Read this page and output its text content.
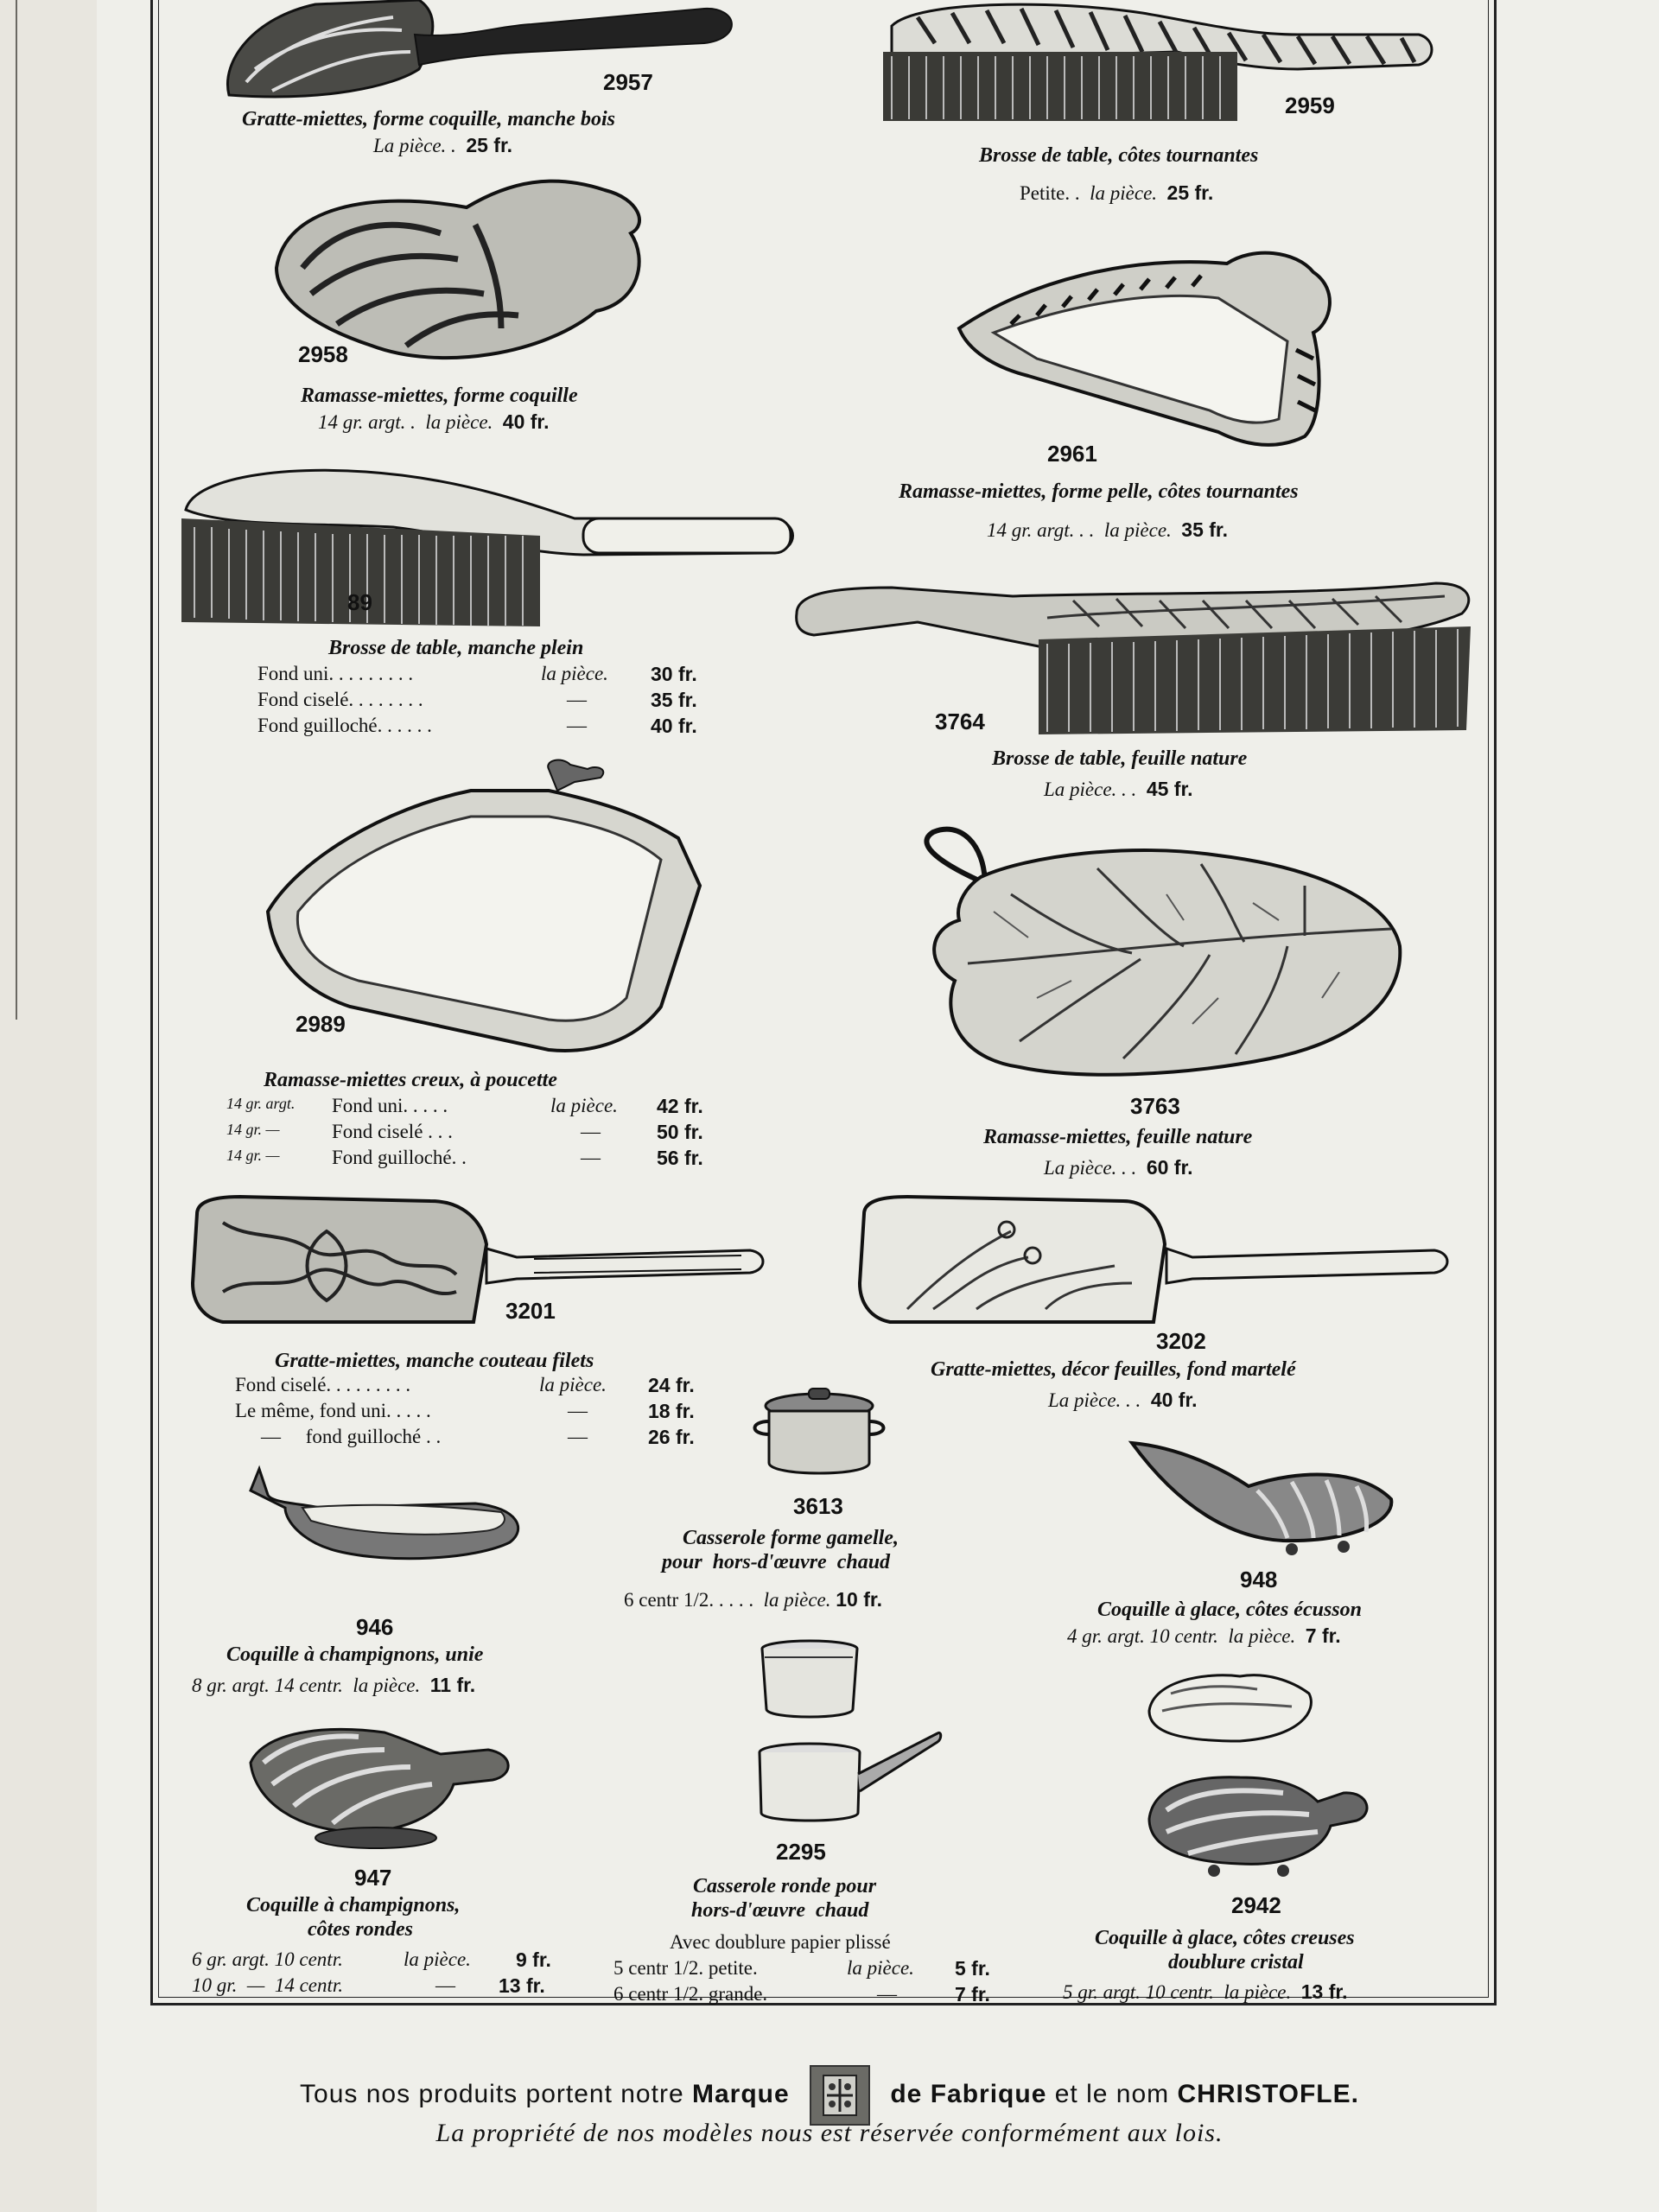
2957
Gratte-miettes, forme coquille, manche bois
La pièce. . 25 fr.
2959
Brosse de table, côtes tournantes
Petite. . la pièce. 25 fr.
2958
Ramasse-miettes, forme coquille
14 gr. argt. . la pièce. 40 fr.
2961
Ramasse-miettes, forme pelle, côtes tournantes
14 gr. argt. . . la pièce. 35 fr.
89
Brosse de table, manche plein
Fond uni. . . . . . . . .	la pièce. 30 fr.
Fond ciselé. . . . . . . .	—	35 fr.
Fond guilloché. . . . . .	—	40 fr.	3764
Brosse de table, feuille nature
La pièce. . . 45 fr.
2989
Ramasse-miettes creux, à poucette
14 gr. argt. Fond uni. . . . .	la pièce. 42 fr.
14 gr. —	Fond ciselé . . .	—	50 fr.
14 gr. —	Fond guilloché. .	—	56 fr.
3763
Ramasse-miettes, feuille nature
La pièce. . . 60 fr.
3201
Gratte-miettes, manche couteau filets
Fond ciselé. . . . . . . . .	la pièce. 24 fr.
Le même, fond uni. . . . .	—	18 fr.
—     fond guilloché . .	—	26 fr.
3202
Gratte-miettes, décor feuilles, fond martelé
La pièce. . . 40 fr.
3613
Casserole forme gamelle,
pour  hors-d'œuvre  chaud
6 centr 1/2. . . . . la pièce. 10 fr.
948
Coquille à glace, côtes écusson
4 gr. argt. 10 centr. la pièce. 7 fr.
946
Coquille à champignons, unie
8 gr. argt. 14 centr. la pièce. 11 fr.
947
Coquille à champignons,
côtes rondes
6 gr. argt. 10 centr.	la pièce. 9 fr.
10 gr.  —  14 centr.	— 13 fr.
2295
Casserole ronde pour
hors-d'œuvre  chaud
Avec doublure papier plissé
5 centr 1/2. petite.	la pièce. 5 fr.
6 centr 1/2. grande.	—	7 fr.
2942
Coquille à glace, côtes creuses
doublure cristal
5 gr. argt. 10 centr. la pièce. 13 fr.
Tous nos produits portent notre Marque	de Fabrique et le nom CHRISTOFLE.
La propriété de nos modèles nous est réservée conformément aux lois.
